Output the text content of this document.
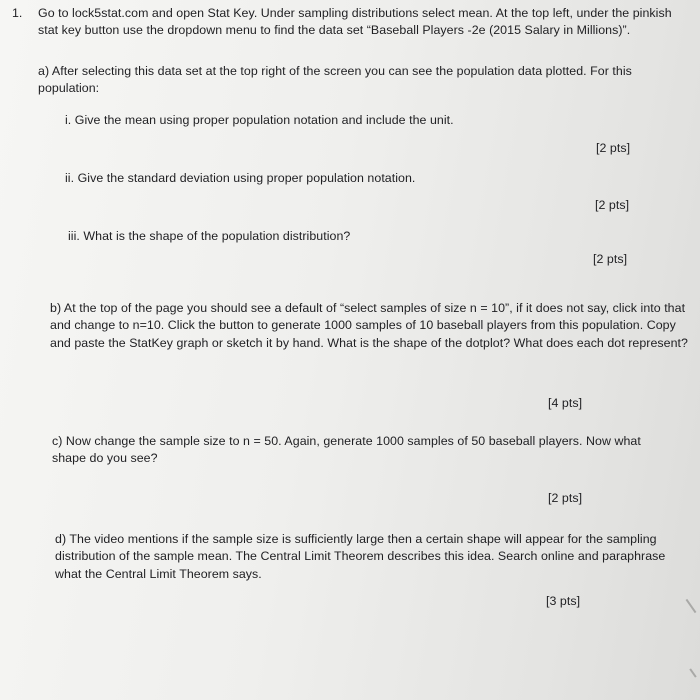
1. Go to lock5stat.com and open Stat Key. Under sampling distributions select mean. At the top left, under the pinkish stat key button use the dropdown menu to find the data set “Baseball Players -2e (2015 Salary in Millions)”.

a) After selecting this data set at the top right of the screen you can see the population data plotted. For this population:

i. Give the mean using proper population notation and include the unit.

[2 pts]

ii. Give the standard deviation using proper population notation.

[2 pts]

iii. What is the shape of the population distribution?

[2 pts]

b) At the top of the page you should see a default of “select samples of size n = 10”, if it does not say, click into that and change to n=10. Click the button to generate 1000 samples of 10 baseball players from this population. Copy and paste the StatKey graph or sketch it by hand. What is the shape of the dotplot? What does each dot represent?

[4 pts]

c) Now change the sample size to n = 50. Again, generate 1000 samples of 50 baseball players. Now what shape do you see?

[2 pts]

d) The video mentions if the sample size is sufficiently large then a certain shape will appear for the sampling distribution of the sample mean. The Central Limit Theorem describes this idea. Search online and paraphrase what the Central Limit Theorem says.

[3 pts]
